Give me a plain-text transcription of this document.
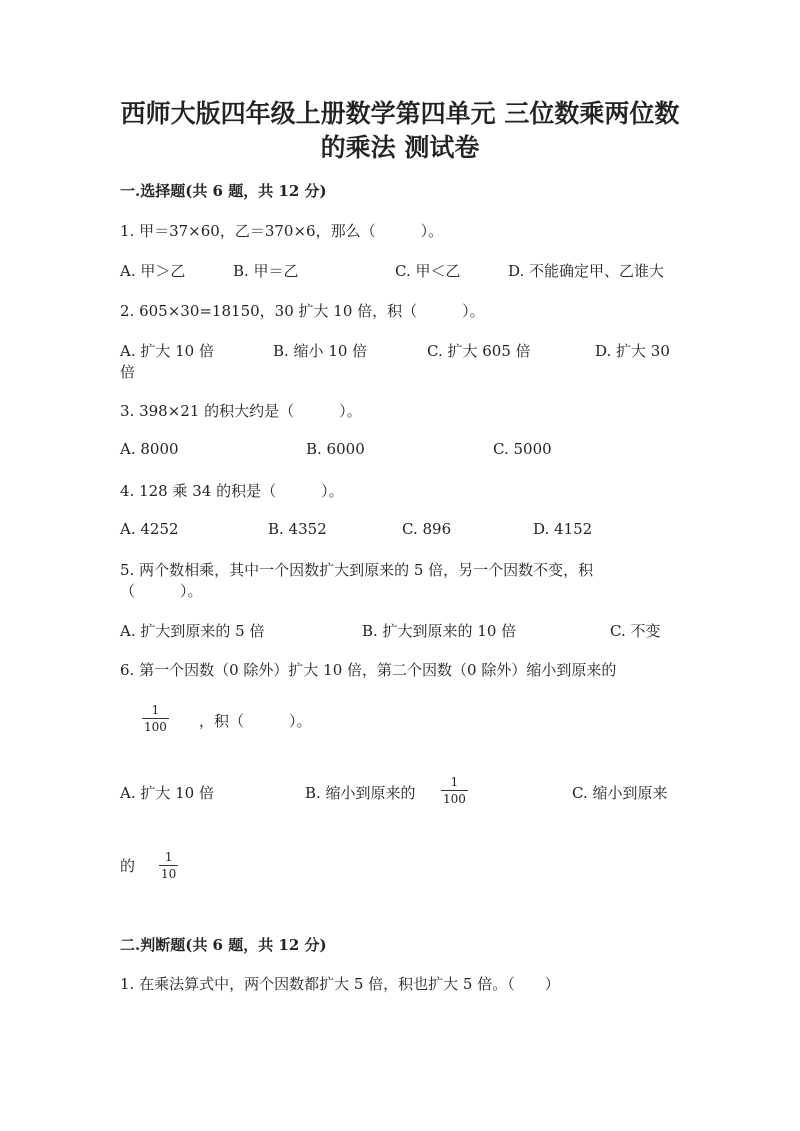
西师大版四年级上册数学第四单元 三位数乘两位数
的乘法 测试卷
一.选择题(共 6 题，共 12 分)
1. 甲＝37×60，乙＝370×6，那么（　　　）。
A. 甲＞乙	B. 甲＝乙	C. 甲＜乙	D. 不能确定甲、乙谁大
2. 605×30=18150，30 扩大 10 倍，积（　　　）。
A. 扩大 10 倍	B. 缩小 10 倍	C. 扩大 605 倍	D. 扩大 30
倍
3. 398×21 的积大约是（　　　）。
A. 8000	B. 6000	C. 5000
4. 128 乘 34 的积是（　　　）。
A. 4252	B. 4352	C. 896	D. 4152
5. 两个数相乘，其中一个因数扩大到原来的 5 倍，另一个因数不变，积
（　　　）。
A. 扩大到原来的 5 倍	B. 扩大到原来的 10 倍	C. 不变
6. 第一个因数（0 除外）扩大 10 倍，第二个因数（0 除外）缩小到原来的
1
100 ，积（　　　）。
A. 扩大 10 倍	B. 缩小到原来的
1
100	C. 缩小到原来
的	1
10
二.判断题(共 6 题，共 12 分)
1. 在乘法算式中，两个因数都扩大 5 倍，积也扩大 5 倍。（　　）
